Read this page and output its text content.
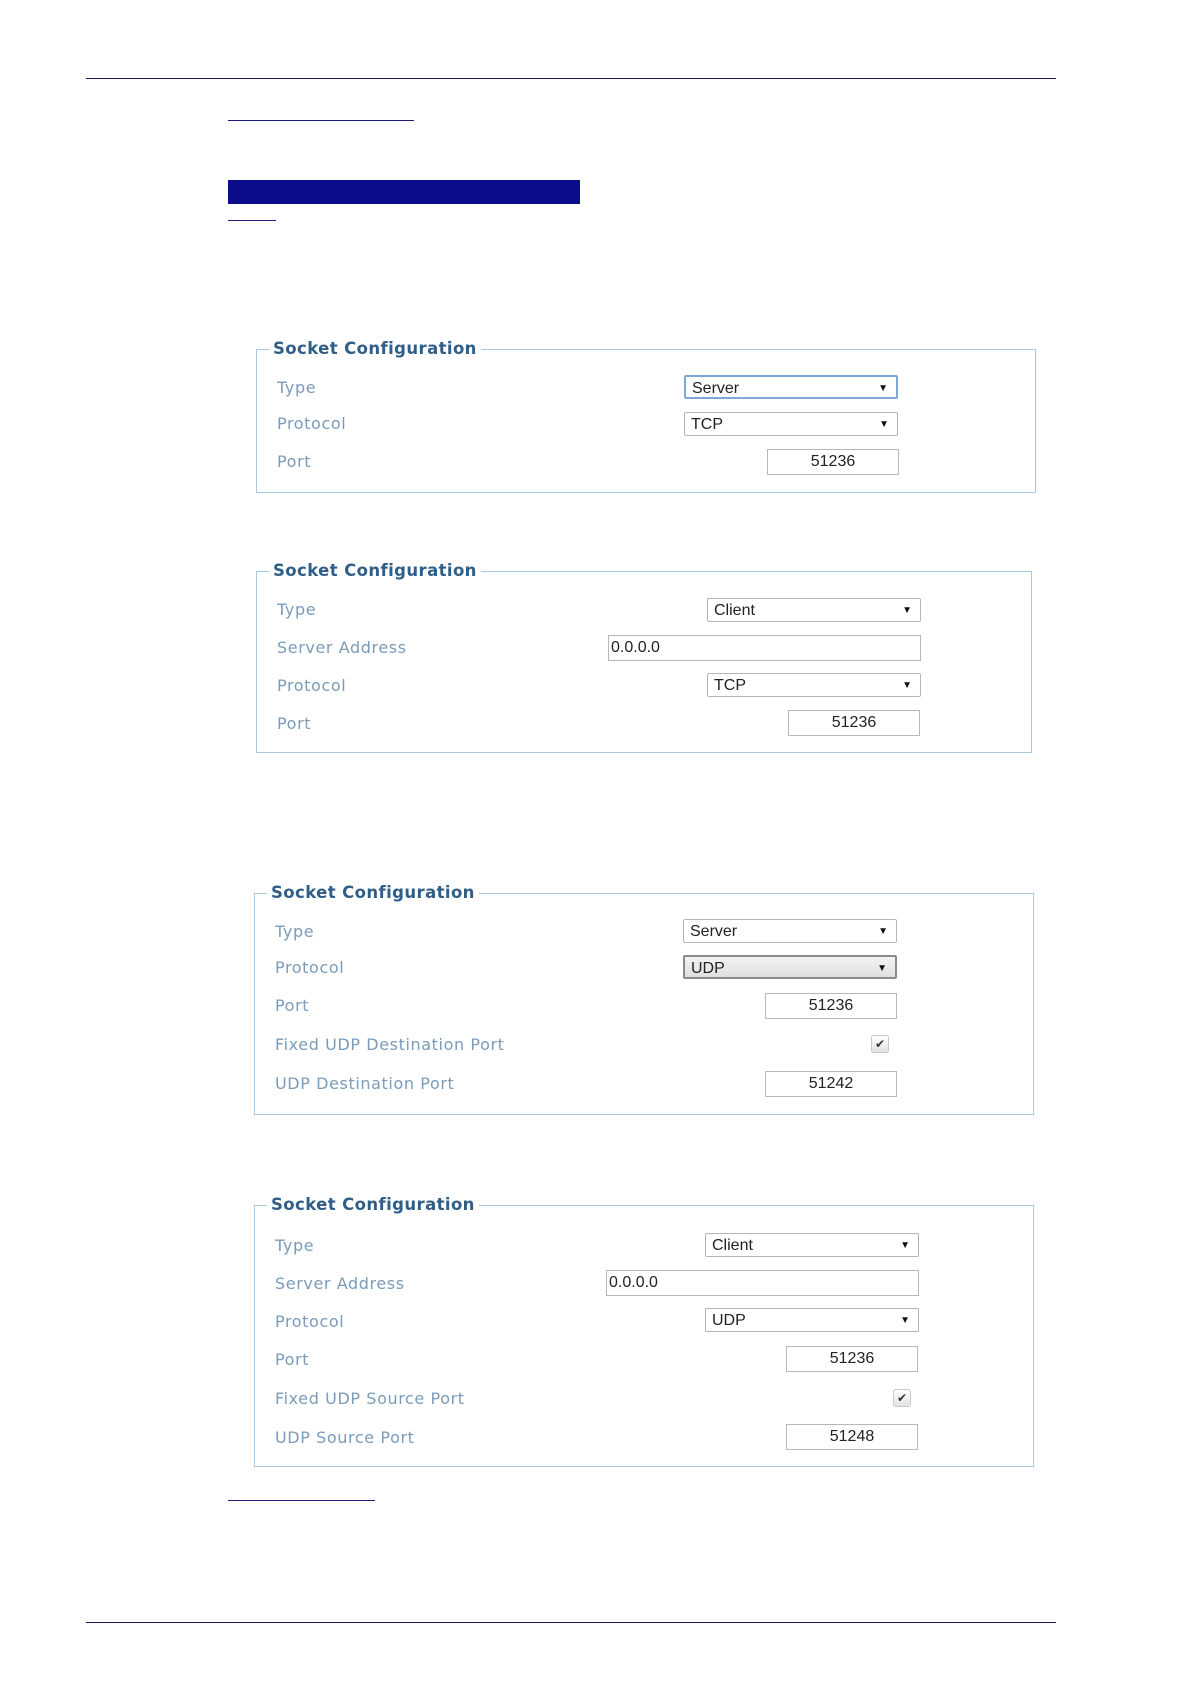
Socket Configuration
Type	Server	▼
Protocol	TCP	▼
Port	51236
Socket Configuration
Type	Client	▼
Server Address	0.0.0.0
Protocol	TCP	▼
Port	51236
Socket Configuration
Type	Server	▼
Protocol	UDP	▼
Port	51236
Fixed UDP Destination Port	✔
UDP Destination Port	51242
Socket Configuration
Type	Client	▼
Server Address	0.0.0.0
Protocol	UDP	▼
Port	51236
Fixed UDP Source Port	✔
UDP Source Port	51248
